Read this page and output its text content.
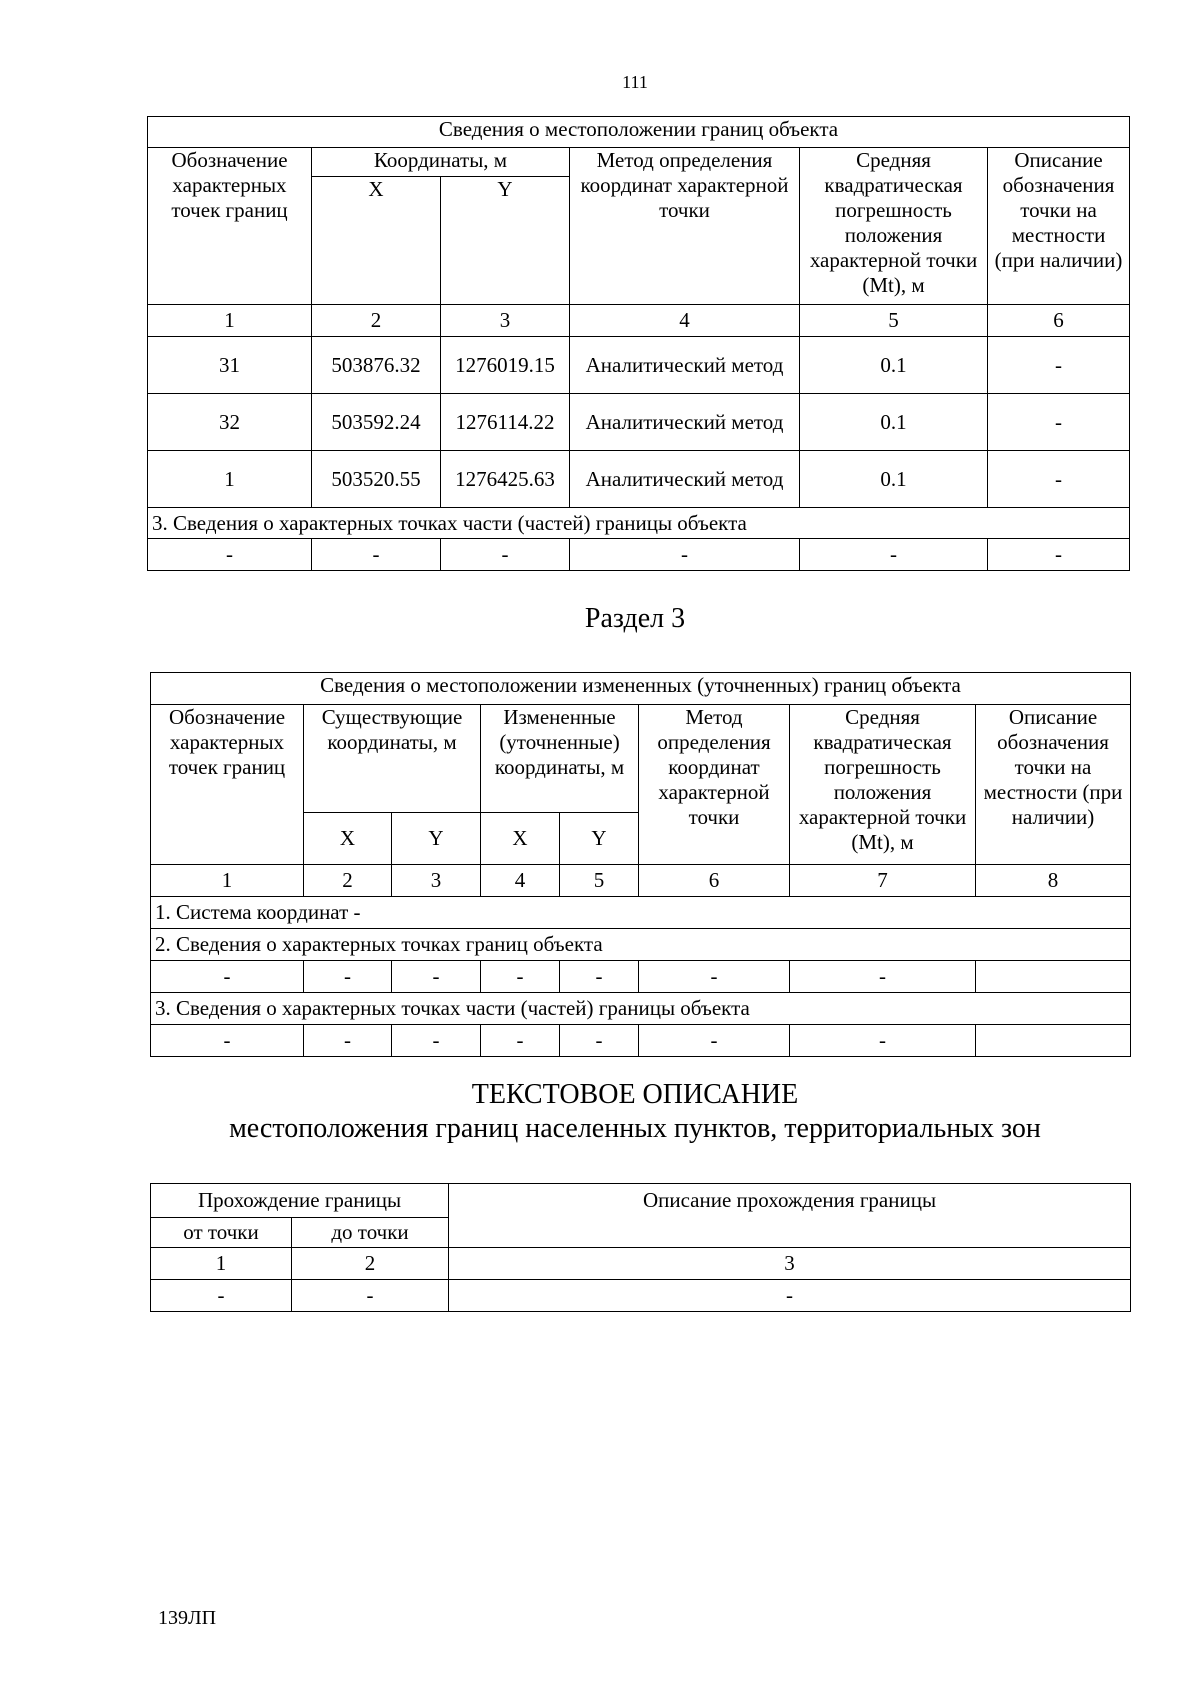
111
Сведения о местоположении границ объекта					
Обозначение характерных точек границ	Координаты, м		Метод определения координат характерной точки	Средняя квадратическая погрешность положения характерной точки (Mt), м	Описание обозначения точки на местности (при наличии)
	X	Y			
1	2	3	4	5	6
31	503876.32	1276019.15	Аналитический метод	0.1	-
32	503592.24	1276114.22	Аналитический метод	0.1	-
1	503520.55	1276425.63	Аналитический метод	0.1	-
3. Сведения о характерных точках части (частей) границы объекта					
-	-	-	-	-	-
Раздел 3
Сведения о местоположении измененных (уточненных) границ объекта							
Обозначение характерных точек границ	Существующие координаты, м		Измененные (уточненные) координаты, м		Метод определения координат характерной точки	Средняя квадратическая погрешность положения характерной точки (Mt), м	Описание обозначения точки на местности (при наличии)
	X	Y	X	Y			
1	2	3	4	5	6	7	8
1. Система координат -							
2. Сведения о характерных точках границ объекта							
-	-	-	-	-	-	-	
3. Сведения о характерных точках части (частей) границы объекта							
-	-	-	-	-	-	-	
ТЕКСТОВОЕ ОПИСАНИЕ
местоположения границ населенных пунктов, территориальных зон
Прохождение границы		Описание прохождения границы
от точки	до точки	
1	2	3
-	-	-
139ЛП
